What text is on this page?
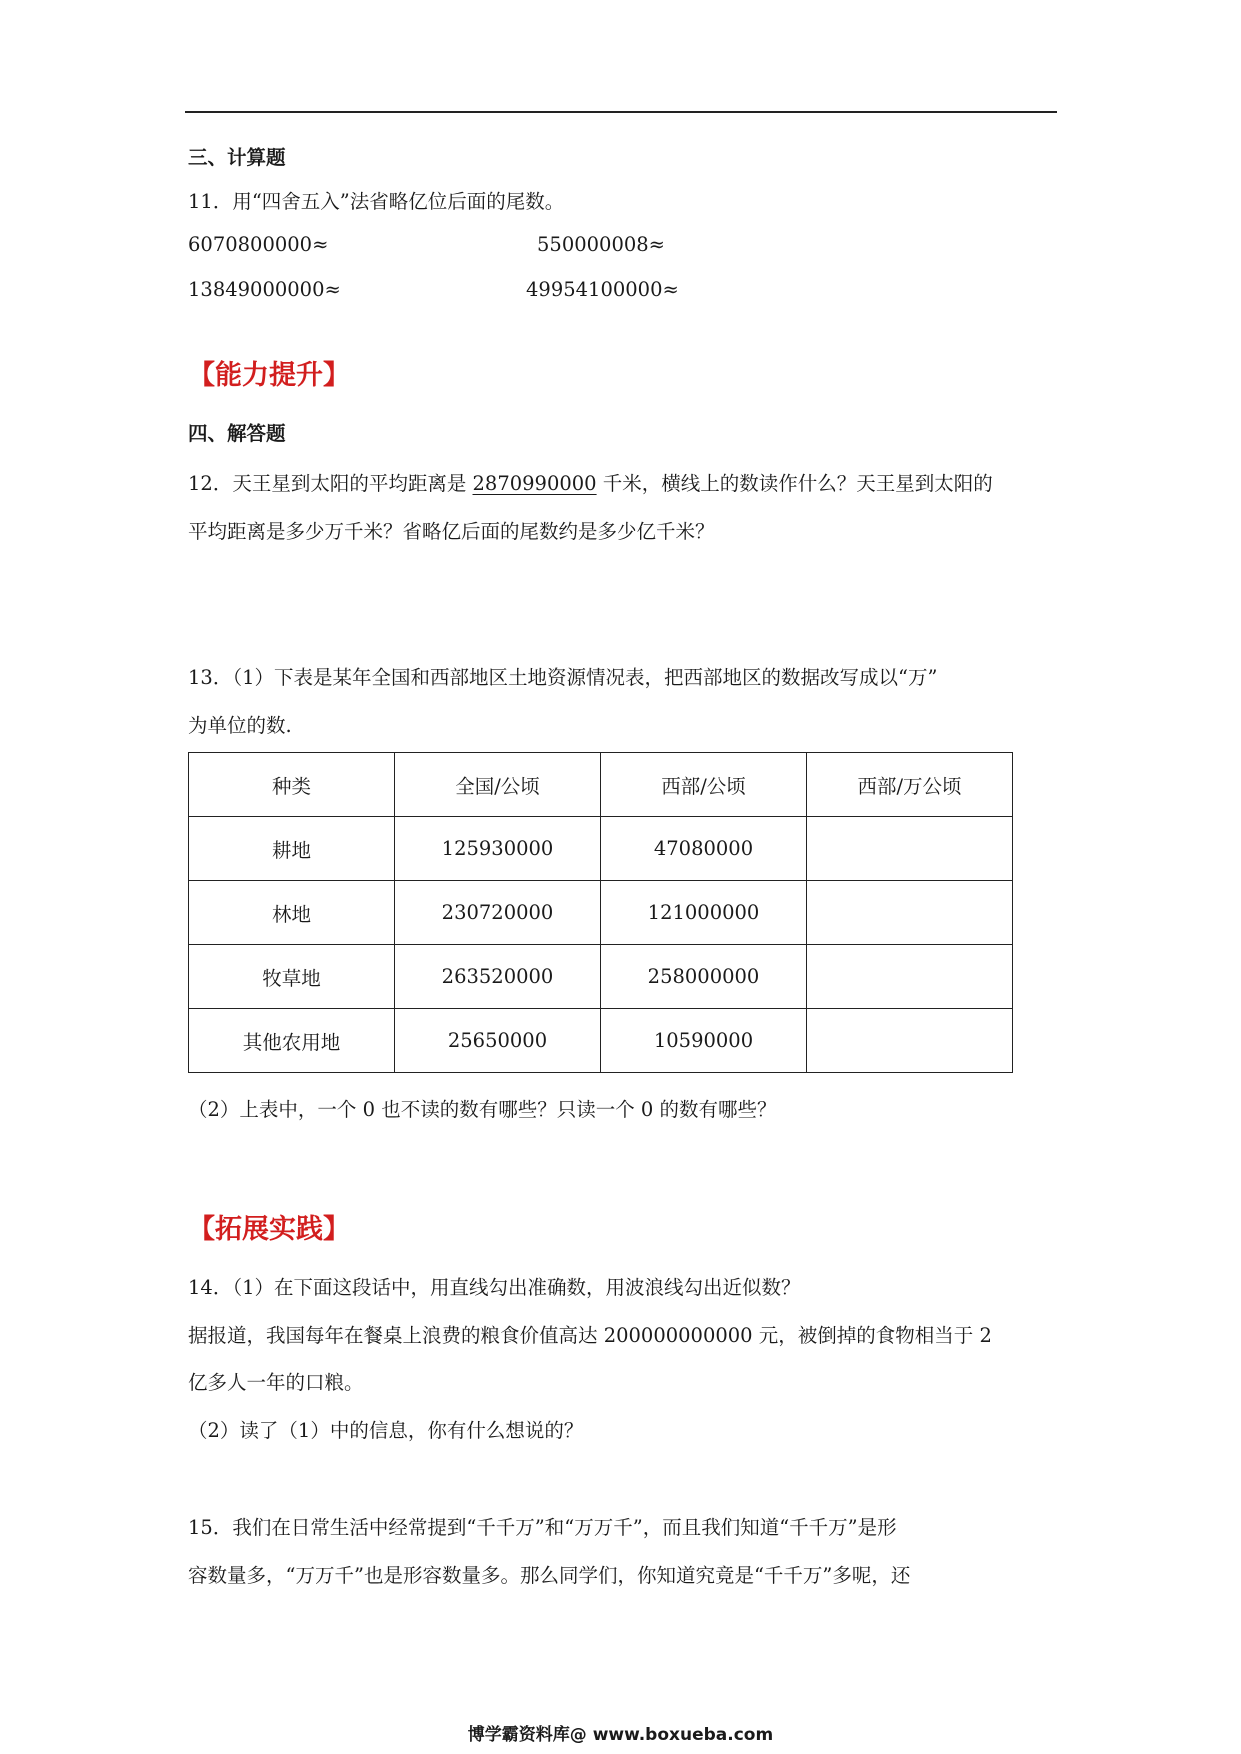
三、计算题
11．用“四舍五入”法省略亿位后面的尾数。
6070800000≈	550000008≈
13849000000≈	49954100000≈
【能力提升】
四、解答题
12．天王星到太阳的平均距离是 2870990000 千米，横线上的数读作什么？天王星到太阳的
平均距离是多少万千米？省略亿后面的尾数约是多少亿千米？
13．（1）下表是某年全国和西部地区土地资源情况表，把西部地区的数据改写成以“万”
为单位的数.
种类	全国/公顷	西部/公顷	西部/万公顷
耕地	125930000	47080000	
林地	230720000	121000000	
牧草地	263520000	258000000	
其他农用地	25650000	10590000	
（2）上表中，一个 0 也不读的数有哪些？只读一个 0 的数有哪些？
【拓展实践】
14．（1）在下面这段话中，用直线勾出准确数，用波浪线勾出近似数？
据报道，我国每年在餐桌上浪费的粮食价值高达 200000000000 元，被倒掉的食物相当于 2
亿多人一年的口粮。
（2）读了（1）中的信息，你有什么想说的？
15．我们在日常生活中经常提到“千千万”和“万万千”，而且我们知道“千千万”是形
容数量多，“万万千”也是形容数量多。那么同学们，你知道究竟是“千千万”多呢，还
博学霸资料库@ www.boxueba.com
